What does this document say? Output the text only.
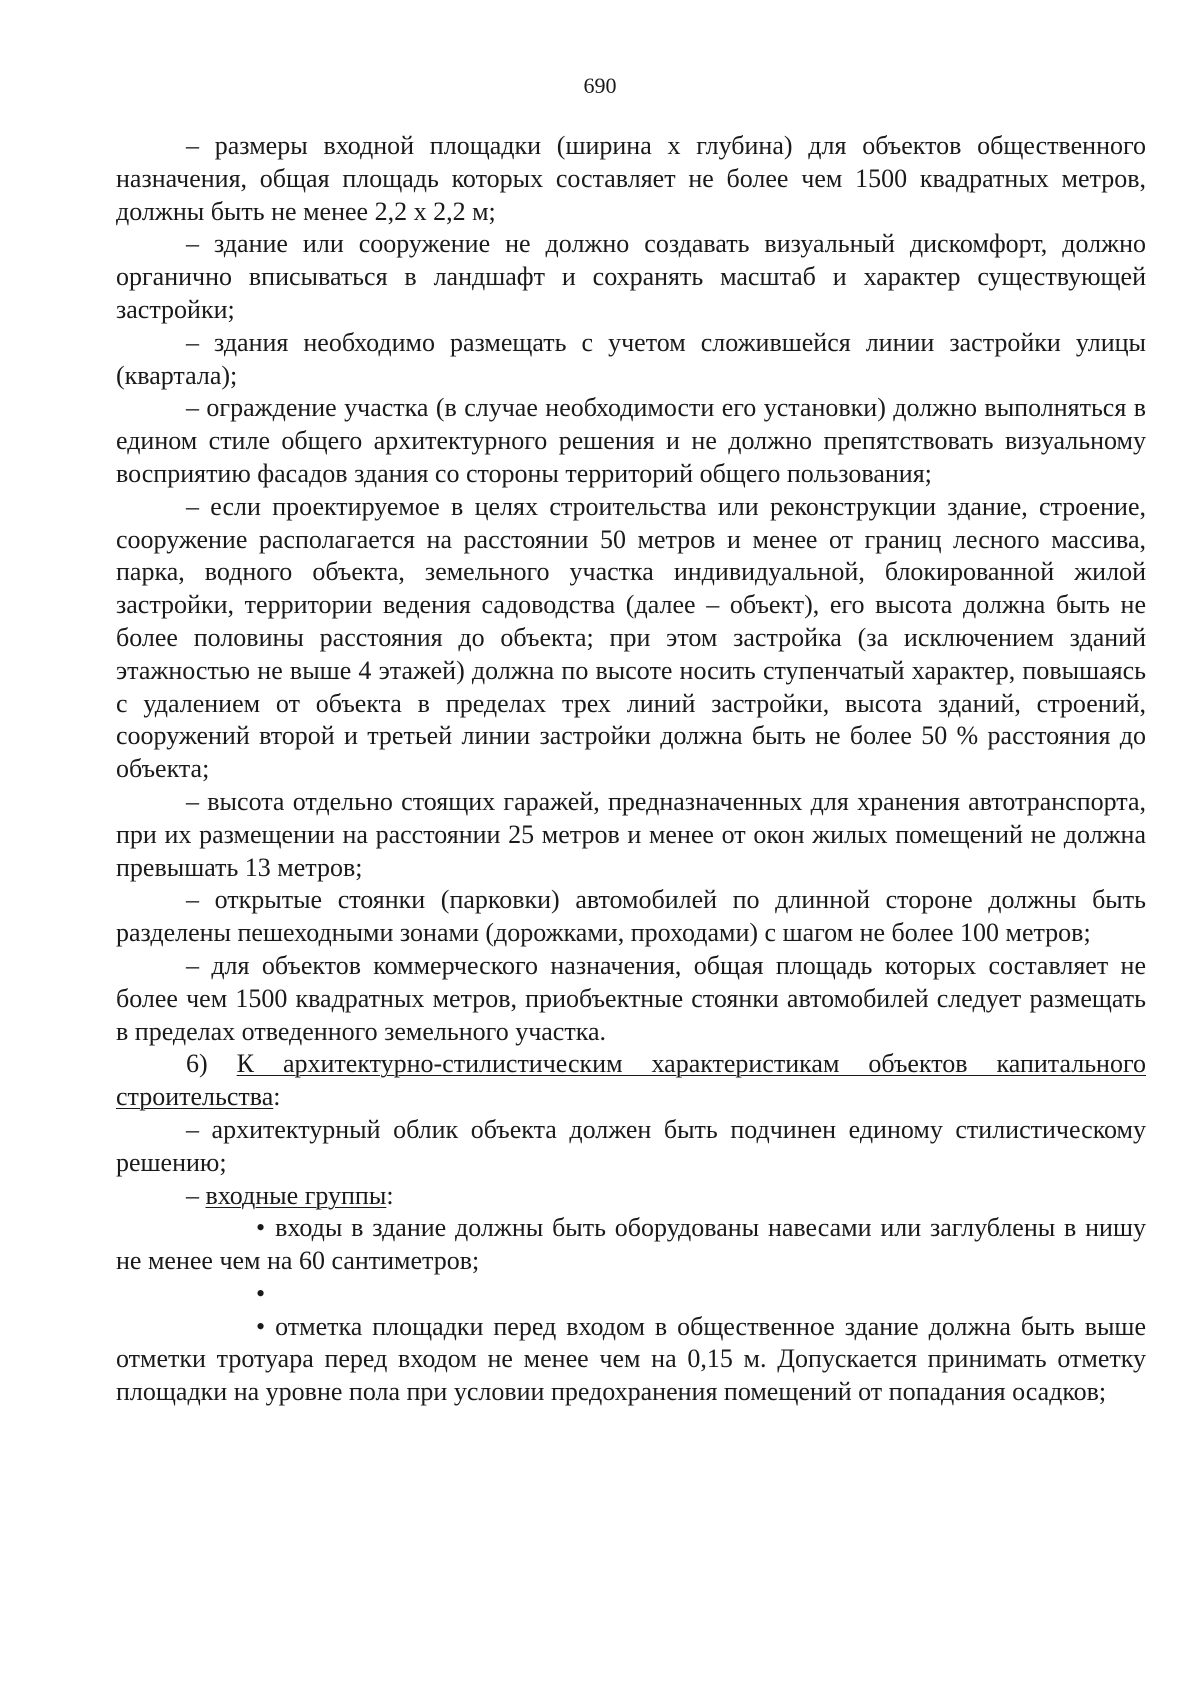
690

– размеры входной площадки (ширина х глубина) для объектов общественного назначения, общая площадь которых составляет не более чем 1500 квадратных метров, должны быть не менее 2,2 х 2,2 м;

– здание или сооружение не должно создавать визуальный дискомфорт, должно органично вписываться в ландшафт и сохранять масштаб и характер существующей застройки;

– здания необходимо размещать с учетом сложившейся линии застройки улицы (квартала);

– ограждение участка (в случае необходимости его установки) должно выполняться в едином стиле общего архитектурного решения и не должно препятствовать визуальному восприятию фасадов здания со стороны территорий общего пользования;

– если проектируемое в целях строительства или реконструкции здание, строение, сооружение располагается на расстоянии 50 метров и менее от границ лесного массива, парка, водного объекта, земельного участка индивидуальной, блокированной жилой застройки, территории ведения садоводства (далее – объект), его высота должна быть не более половины расстояния до объекта; при этом застройка (за исключением зданий этажностью не выше 4 этажей) должна по высоте носить ступенчатый характер, повышаясь с удалением от объекта в пределах трех линий застройки, высота зданий, строений, сооружений второй и третьей линии застройки должна быть не более 50 % расстояния до объекта;

– высота отдельно стоящих гаражей, предназначенных для хранения автотранспорта, при их размещении на расстоянии 25 метров и менее от окон жилых помещений не должна превышать 13 метров;

– открытые стоянки (парковки) автомобилей по длинной стороне должны быть разделены пешеходными зонами (дорожками, проходами) с шагом не более 100 метров;

– для объектов коммерческого назначения, общая площадь которых составляет не более чем 1500 квадратных метров, приобъектные стоянки автомобилей следует размещать в пределах отведенного земельного участка.

6) К архитектурно-стилистическим характеристикам объектов капитального строительства:

– архитектурный облик объекта должен быть подчинен единому стилистическому решению;

– входные группы:

• входы в здание должны быть оборудованы навесами или заглублены в нишу не менее чем на 60 сантиметров;

•

• отметка площадки перед входом в общественное здание должна быть выше отметки тротуара перед входом не менее чем на 0,15 м. Допускается принимать отметку площадки на уровне пола при условии предохранения помещений от попадания осадков;
